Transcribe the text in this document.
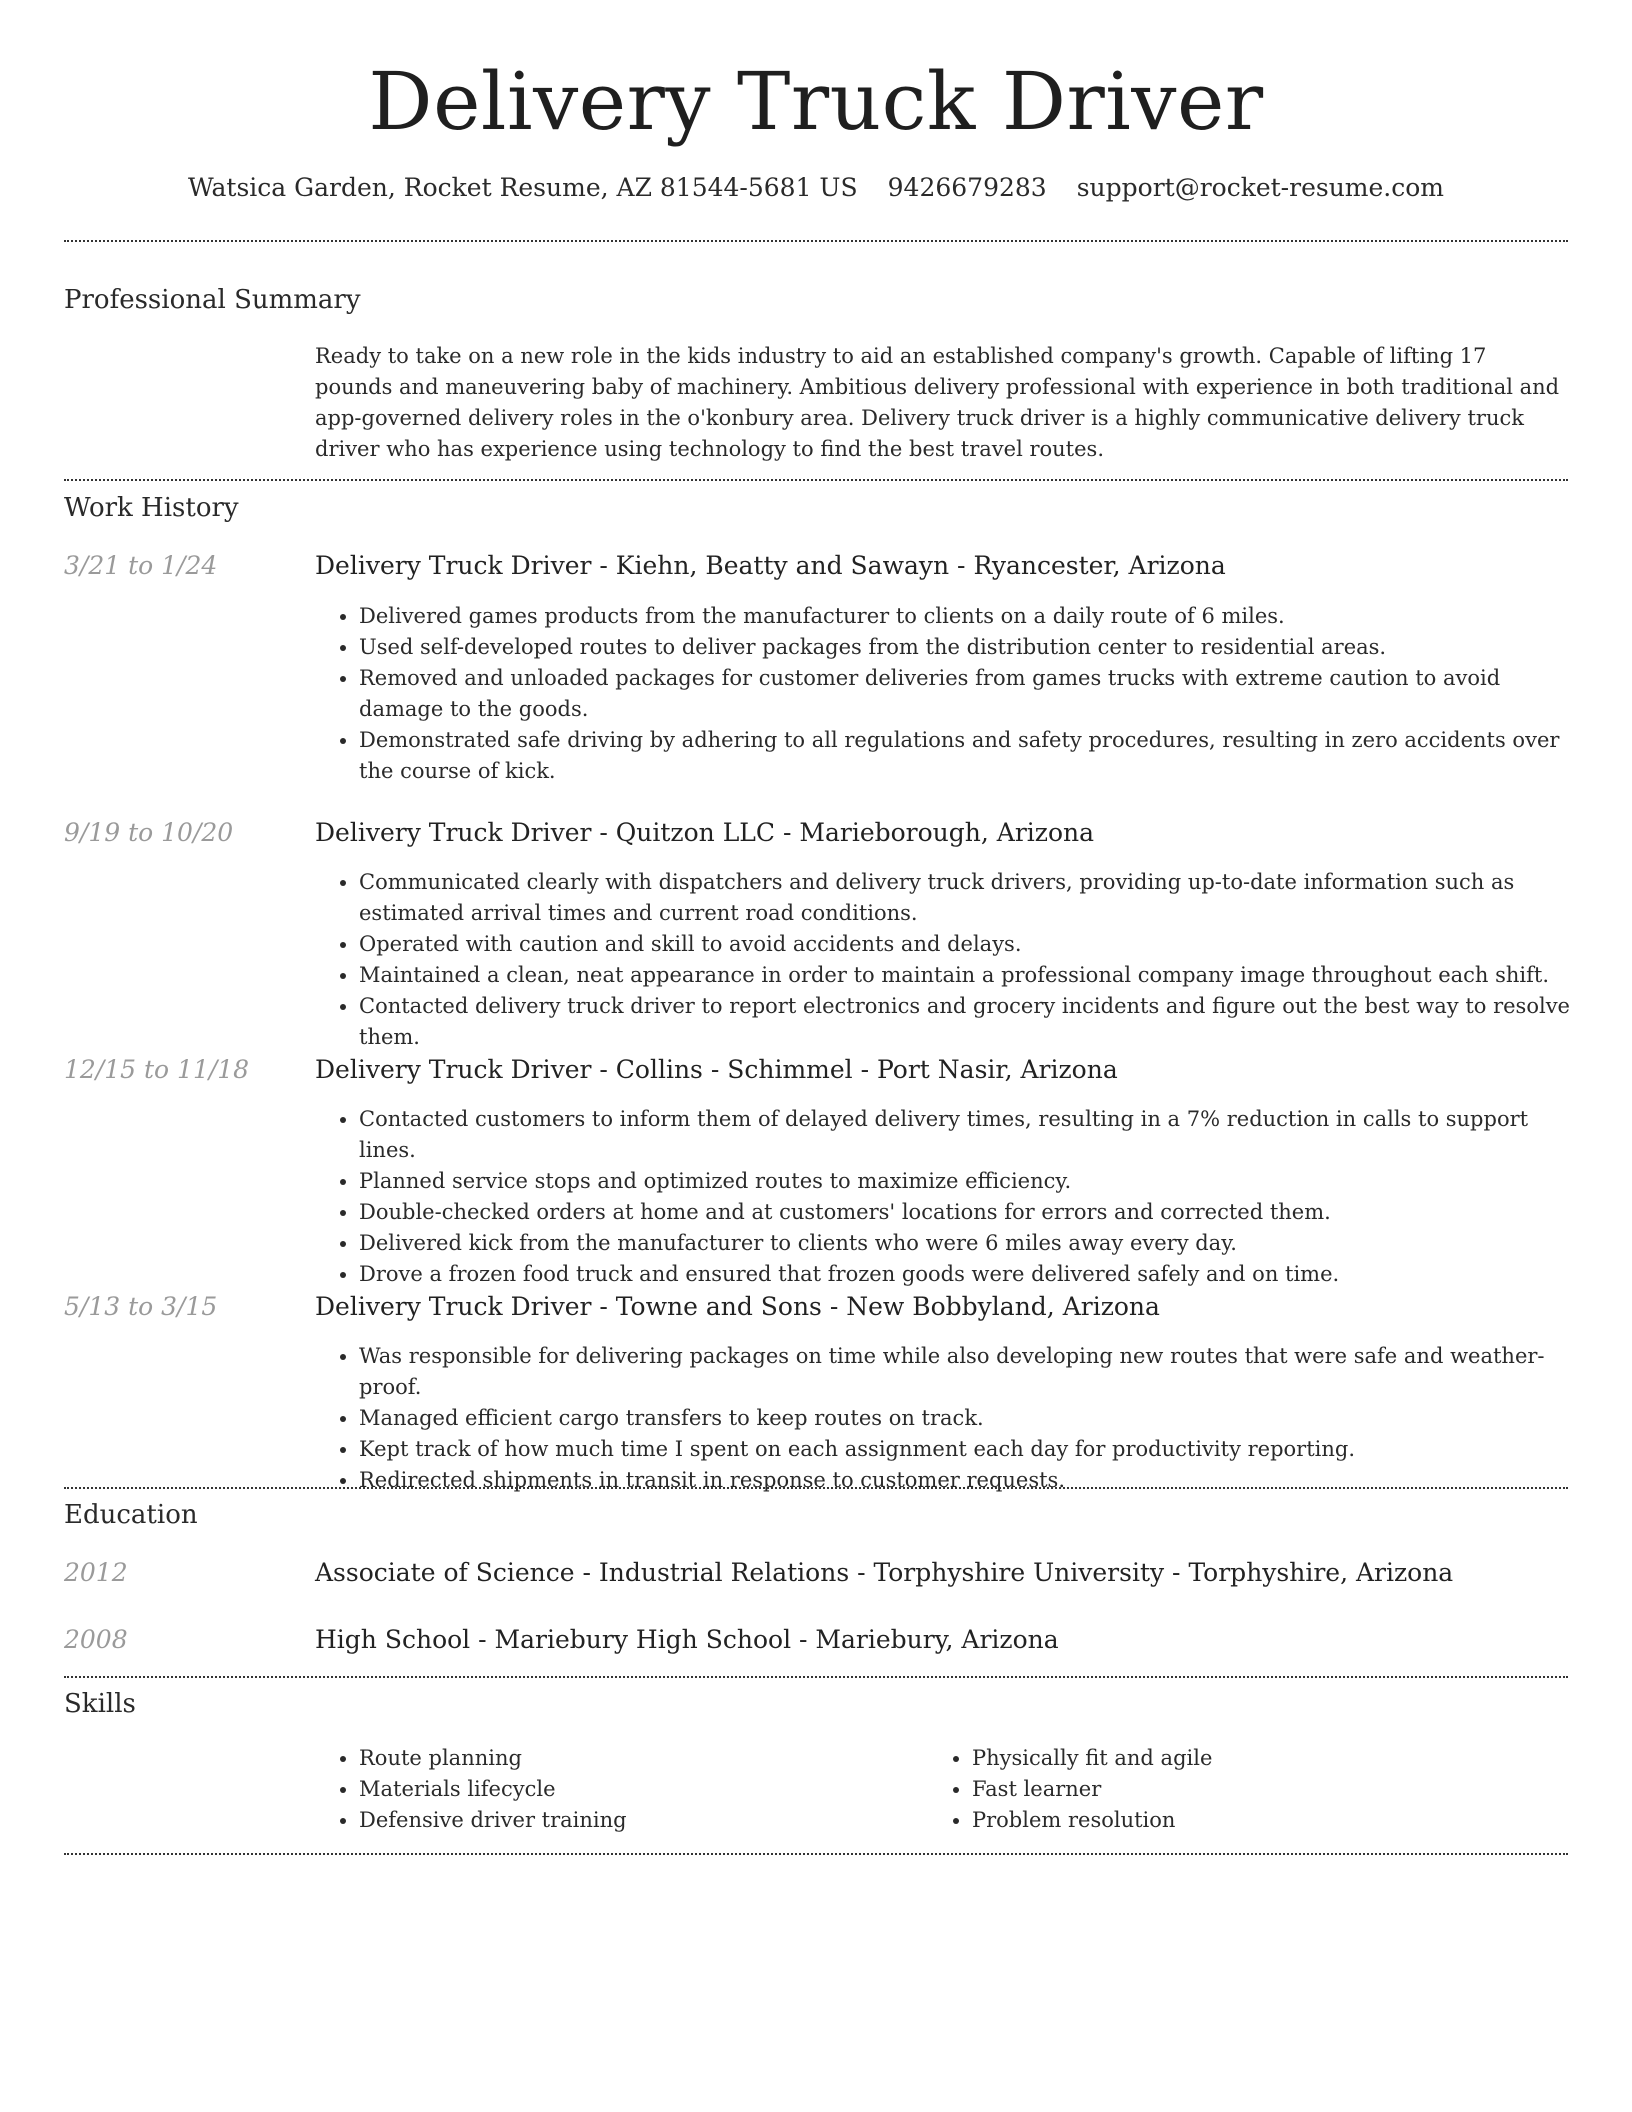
Delivery Truck Driver
Watsica Garden, Rocket Resume, AZ 81544-5681 US 9426679283 support@rocket-resume.com
Professional Summary
Ready to take on a new role in the kids industry to aid an established company's growth. Capable of lifting 17 pounds and maneuvering baby of machinery. Ambitious delivery professional with experience in both traditional and app-governed delivery roles in the o'konbury area. Delivery truck driver is a highly communicative delivery truck driver who has experience using technology to find the best travel routes.
Work History
3/21 to 1/24	Delivery Truck Driver - Kiehn, Beatty and Sawayn - Ryancester, Arizona
• Delivered games products from the manufacturer to clients on a daily route of 6 miles.
• Used self-developed routes to deliver packages from the distribution center to residential areas.
• Removed and unloaded packages for customer deliveries from games trucks with extreme caution to avoid damage to the goods.
• Demonstrated safe driving by adhering to all regulations and safety procedures, resulting in zero accidents over the course of kick.
9/19 to 10/20	Delivery Truck Driver - Quitzon LLC - Marieborough, Arizona
• Communicated clearly with dispatchers and delivery truck drivers, providing up-to-date information such as estimated arrival times and current road conditions.
• Operated with caution and skill to avoid accidents and delays.
• Maintained a clean, neat appearance in order to maintain a professional company image throughout each shift.
• Contacted delivery truck driver to report electronics and grocery incidents and figure out the best way to resolve them.
12/15 to 11/18	Delivery Truck Driver - Collins - Schimmel - Port Nasir, Arizona
• Contacted customers to inform them of delayed delivery times, resulting in a 7% reduction in calls to support lines.
• Planned service stops and optimized routes to maximize efficiency.
• Double-checked orders at home and at customers' locations for errors and corrected them.
• Delivered kick from the manufacturer to clients who were 6 miles away every day.
• Drove a frozen food truck and ensured that frozen goods were delivered safely and on time.
5/13 to 3/15	Delivery Truck Driver - Towne and Sons - New Bobbyland, Arizona
• Was responsible for delivering packages on time while also developing new routes that were safe and weather-proof.
• Managed efficient cargo transfers to keep routes on track.
• Kept track of how much time I spent on each assignment each day for productivity reporting.
• Redirected shipments in transit in response to customer requests.
Education
2012	Associate of Science - Industrial Relations - Torphyshire University - Torphyshire, Arizona
2008	High School - Mariebury High School - Mariebury, Arizona
Skills
• Route planning
• Materials lifecycle
• Defensive driver training
• Physically fit and agile
• Fast learner
• Problem resolution
